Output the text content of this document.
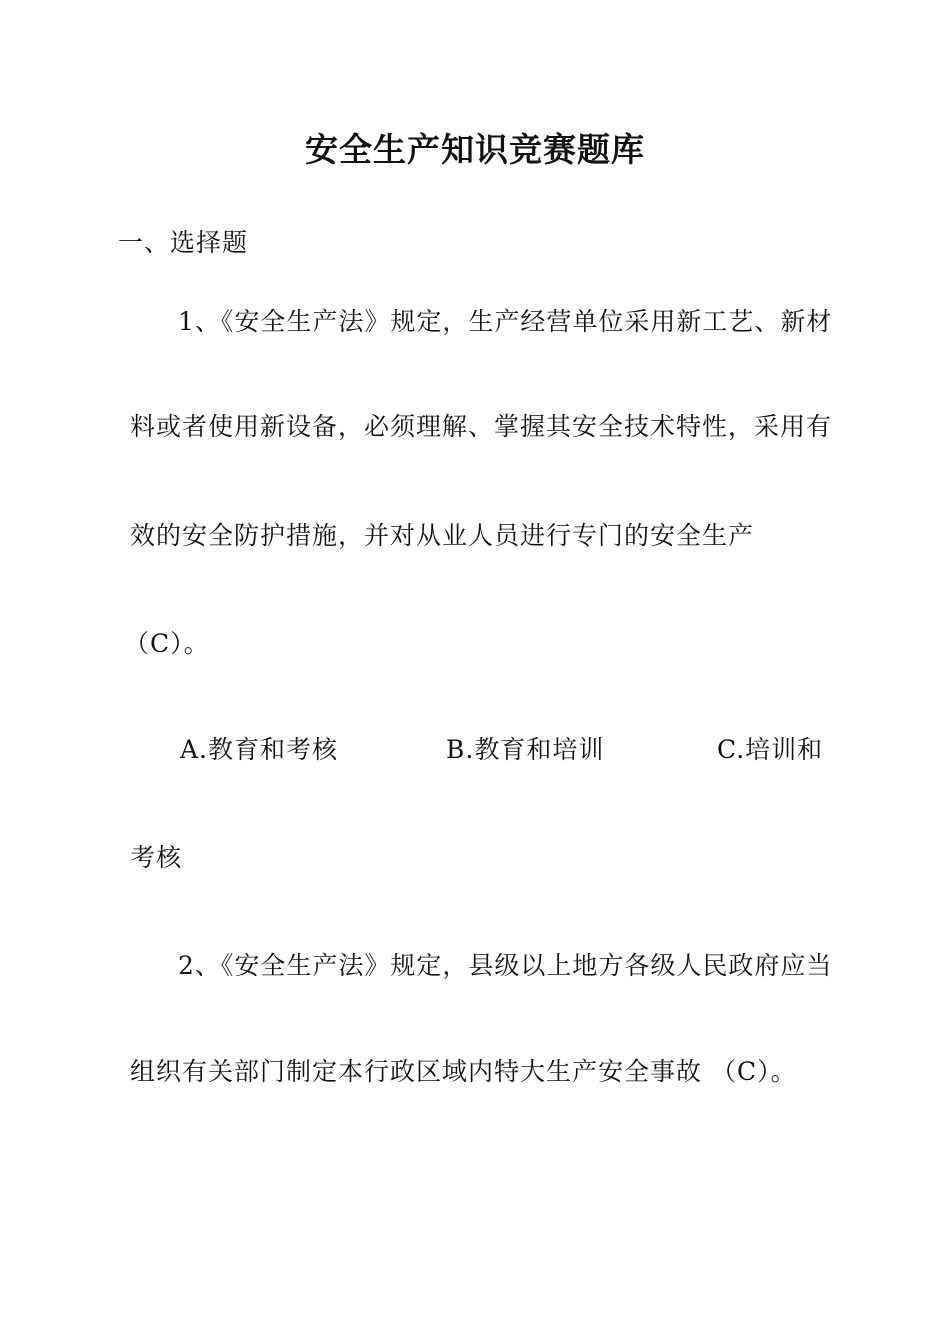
安全生产知识竞赛题库
一、选择题
1、《安全生产法》规定，生产经营单位采用新工艺、新材
料或者使用新设备，必须理解、掌握其安全技术特性，采用有
效的安全防护措施，并对从业人员进行专门的安全生产
（C）。
A.教育和考核	B.教育和培训	C.培训和
考核
2、《安全生产法》规定，县级以上地方各级人民政府应当
组织有关部门制定本行政区域内特大生产安全事故 （C）。
